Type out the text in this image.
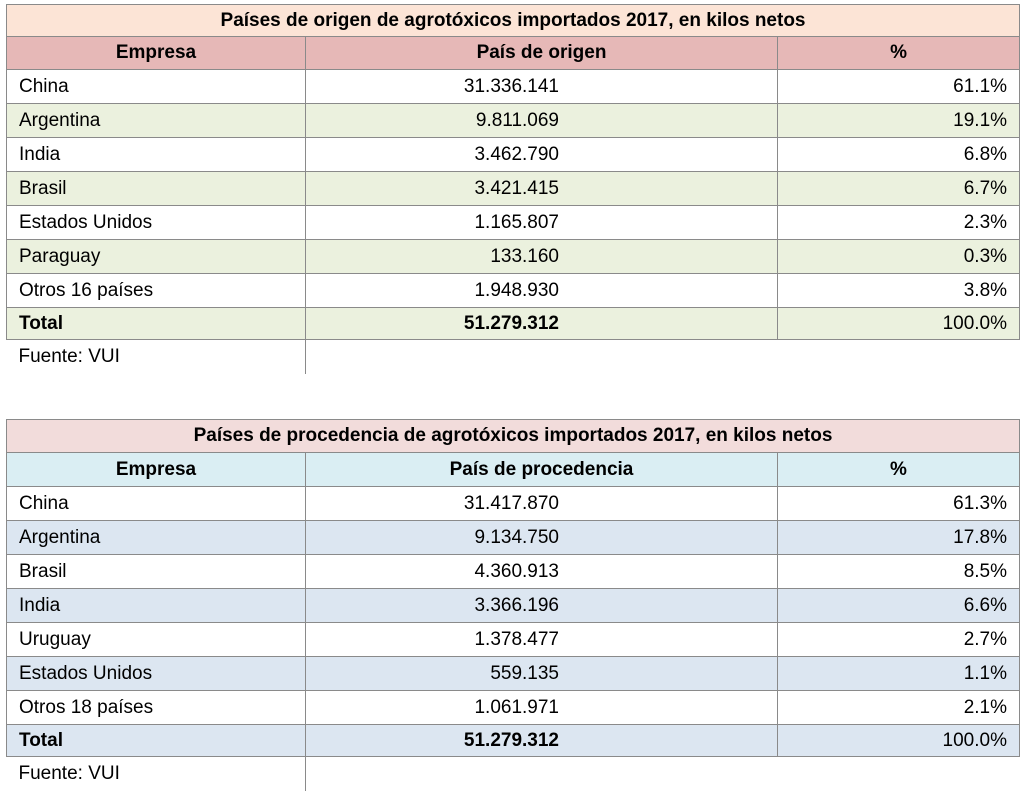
Países de origen de agrotóxicos importados 2017, en kilos netos		
Empresa	País de origen	%
China	31.336.141	61.1%
Argentina	9.811.069	19.1%
India	3.462.790	6.8%
Brasil	3.421.415	6.7%
Estados Unidos	1.165.807	2.3%
Paraguay	133.160	0.3%
Otros 16 países	1.948.930	3.8%
Total	51.279.312	100.0%
Fuente: VUI		
Países de procedencia de agrotóxicos importados 2017, en kilos netos		
Empresa	País de procedencia	%
China	31.417.870	61.3%
Argentina	9.134.750	17.8%
Brasil	4.360.913	8.5%
India	3.366.196	6.6%
Uruguay	1.378.477	2.7%
Estados Unidos	559.135	1.1%
Otros 18 países	1.061.971	2.1%
Total	51.279.312	100.0%
Fuente: VUI		
